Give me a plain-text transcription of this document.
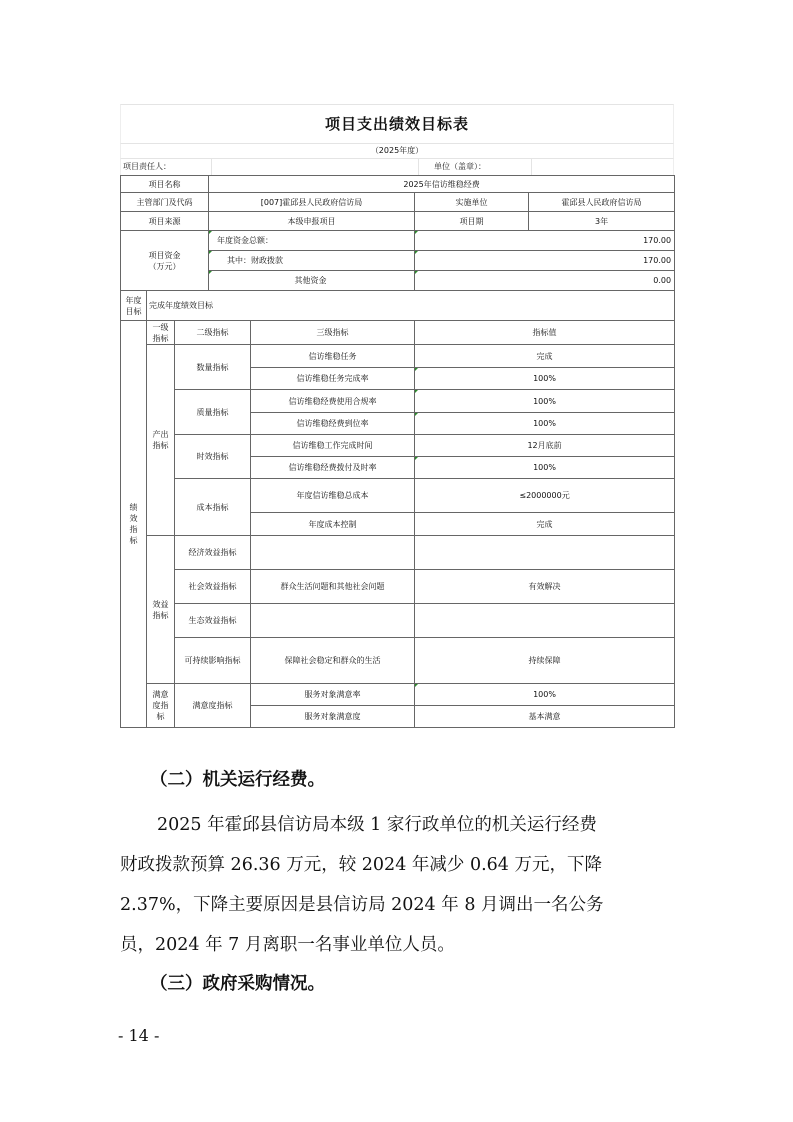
项目支出绩效目标表
（2025年度）
项目责任人：	单位（盖章）：
项目名称			2025年信访维稳经费			
主管部门及代码			[007]霍邱县人民政府信访局		实施单位	霍邱县人民政府信访局
项目来源			本级申报项目		项目期	3年
项目资金（万元）			年度资金总额：		170.00	
			其中：财政拨款		170.00	
			其他资金		0.00	
年度目标	完成年度绩效目标					
绩效指标	一级指标	二级指标		三级指标	指标值	
	产出指标	数量指标		信访维稳任务	完成	
				信访维稳任务完成率	100%	
		质量指标		信访维稳经费使用合规率	100%	
				信访维稳经费到位率	100%	
		时效指标		信访维稳工作完成时间	12月底前	
				信访维稳经费拨付及时率	100%	
		成本指标		年度信访维稳总成本	≤2000000元	
				年度成本控制	完成	
	效益指标	经济效益指标				
		社会效益指标		群众生活问题和其他社会问题	有效解决	
		生态效益指标				
		可持续影响指标		保障社会稳定和群众的生活	持续保障	
	满意度指标	满意度指标		服务对象满意率	100%	
				服务对象满意度	基本满意	
（二）机关运行经费。
2025 年霍邱县信访局本级 1 家行政单位的机关运行经费
财政拨款预算 26.36 万元，较 2024 年减少 0.64 万元，下降
2.37%，下降主要原因是县信访局 2024 年 8 月调出一名公务
员，2024 年 7 月离职一名事业单位人员。
（三）政府采购情况。
- 14 -
